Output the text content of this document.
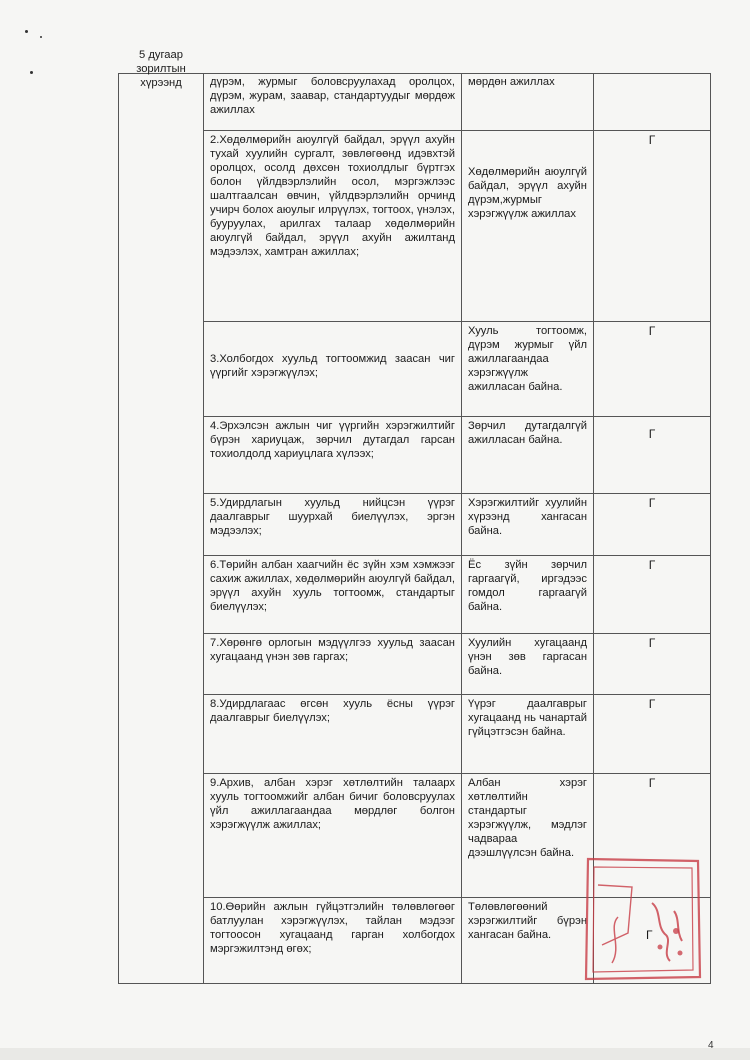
5 дугаар зорилтын хүрээнд	дүрэм, журмыг боловсруулахад оролцох, дүрэм, журам, заавар, стандартуудыг мөрдөж ажиллах	мөрдөн ажиллах	
	2.Хөдөлмөрийн аюулгүй байдал, эрүүл ахуйн тухай хуулийн сургалт, зөвлөгөөнд идэвхтэй оролцох, осолд дөхсөн тохиолдлыг бүртгэх болон үйлдвэрлэлийн осол, мэргэжлээс шалтгаалсан өвчин, үйлдвэрлэлийн орчинд учирч болох аюулыг илрүүлэх, тогтоох, үнэлэх, бууруулах, арилгах талаар хөдөлмөрийн аюулгүй байдал, эрүүл ахуйн ажилтанд мэдээлэх, хамтран ажиллах;	Хөдөлмөрийн аюулгүй байдал, эрүүл ахуйн дүрэм,журмыг хэрэгжүүлж ажиллах	Г
	3.Холбогдох хуульд тогтоомжид заасан чиг үүргийг хэрэгжүүлэх;	Хууль тогтоомж, дүрэм журмыг үйл ажиллагаандаа хэрэгжүүлж ажилласан байна.	Г
	4.Эрхэлсэн ажлын чиг үүргийн хэрэгжилтийг бүрэн хариуцаж, зөрчил дутагдал гарсан тохиолдолд хариуцлага хүлээх;	Зөрчил дутагдалгүй ажилласан байна.	Г
	5.Удирдлагын хуульд нийцсэн үүрэг даалгаврыг шуурхай биелүүлэх, эргэн мэдээлэх;	Хэрэгжилтийг хуулийн хүрээнд хангасан байна.	Г
	6.Төрийн албан хаагчийн ёс зүйн хэм хэмжээг сахиж ажиллах, хөдөлмөрийн аюулгүй байдал, эрүүл ахуйн хууль тогтоомж, стандартыг биелүүлэх;	Ёс зүйн зөрчил гаргаагүй, иргэдээс гомдол гаргаагүй байна.	Г
	7.Хөрөнгө орлогын мэдүүлгээ хуульд заасан хугацаанд үнэн зөв гаргах;	Хуулийн хугацаанд үнэн зөв гаргасан байна.	Г
	8.Удирдлагаас өгсөн хууль ёсны үүрэг даалгаврыг биелүүлэх;	Үүрэг даалгаврыг хугацаанд нь чанартай гүйцэтгэсэн байна.	Г
	9.Архив, албан хэрэг хөтлөлтийн талаарх хууль тогтоомжийг албан бичиг боловсруулах үйл ажиллагаандаа мөрдлөг болгон хэрэгжүүлж ажиллах;	Албан хэрэг хөтлөлтийн стандартыг хэрэгжүүлж, мэдлэг чадвараа дээшлүүлсэн байна.	Г
	10.Өөрийн ажлын гүйцэтгэлийн төлөвлөгөөг батлуулан хэрэгжүүлэх, тайлан мэдээг тогтоосон хугацаанд гарган холбогдох мэргэжилтэнд өгөх;	Төлөвлөгөөний хэрэгжилтийг бүрэн хангасан байна.		Г
4
